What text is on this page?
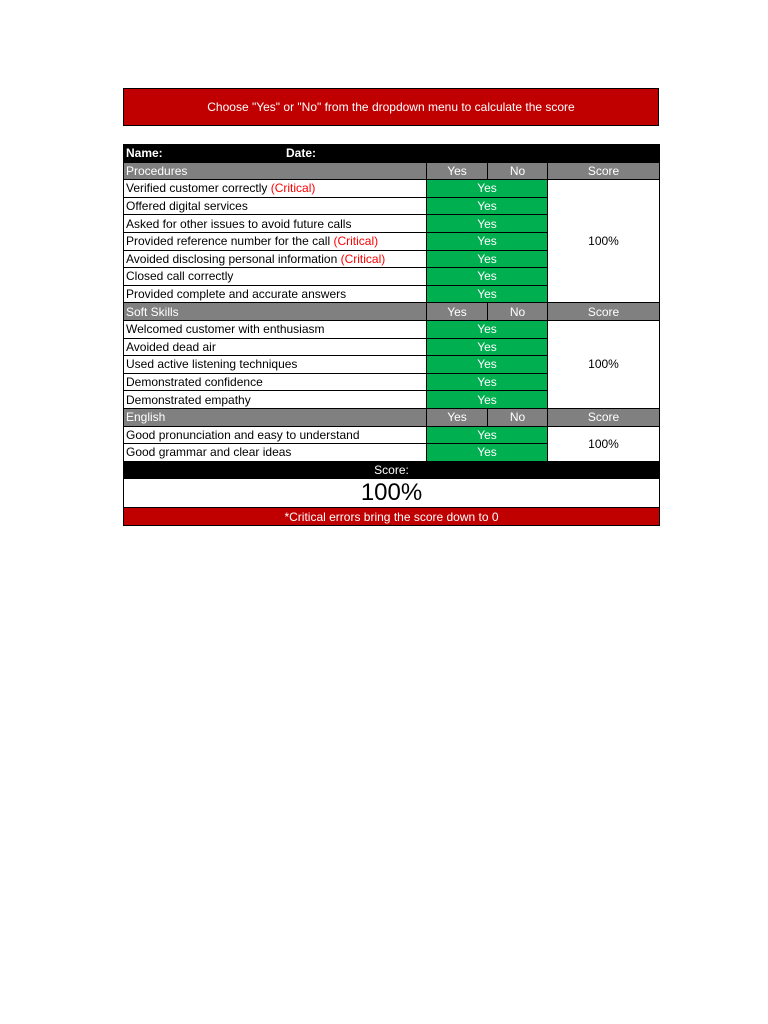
Choose "Yes" or "No" from the dropdown menu to calculate the score
Name: Date:			
Procedures	Yes	No	Score
Verified customer correctly (Critical)	Yes		100%
Offered digital services	Yes		
Asked for other issues to avoid future calls	Yes		
Provided reference number for the call (Critical)	Yes		
Avoided disclosing personal information (Critical)	Yes		
Closed call correctly	Yes		
Provided complete and accurate answers	Yes		
Soft Skills	Yes	No	Score
Welcomed customer with enthusiasm	Yes		100%
Avoided dead air	Yes		
Used active listening techniques	Yes		
Demonstrated confidence	Yes		
Demonstrated empathy	Yes		
English	Yes	No	Score
Good pronunciation and easy to understand	Yes		100%
Good grammar and clear ideas	Yes		
Score:			
100%			
*Critical errors bring the score down to 0			
